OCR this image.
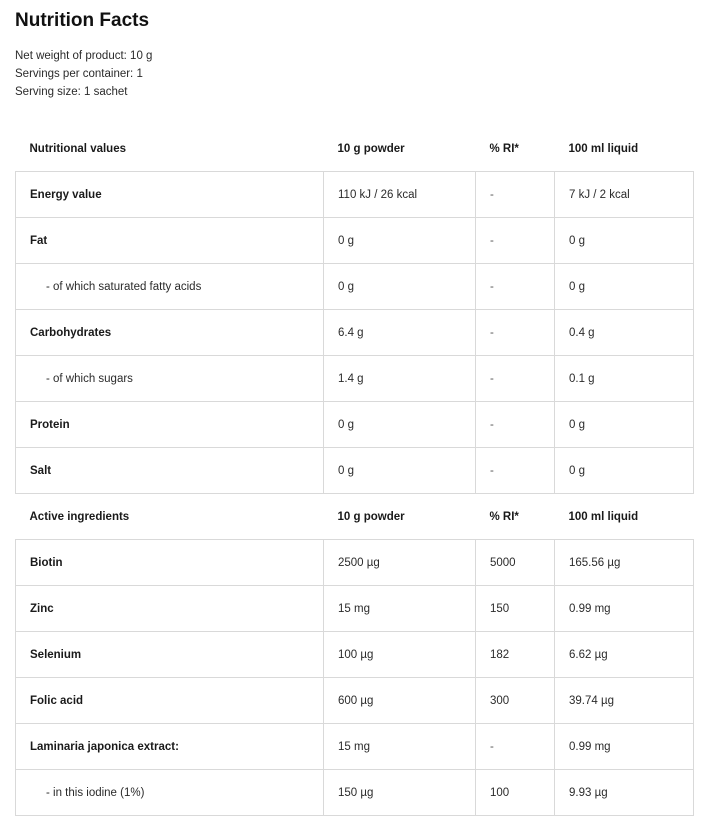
Nutrition Facts
Net weight of product: 10 g
Servings per container: 1
Serving size: 1 sachet
Nutritional values	10 g powder	% RI*	100 ml liquid
Energy value	110 kJ / 26 kcal	-	7 kJ / 2 kcal
Fat	0 g	-	0 g
- of which saturated fatty acids	0 g	-	0 g
Carbohydrates	6.4 g	-	0.4 g
- of which sugars	1.4 g	-	0.1 g
Protein	0 g	-	0 g
Salt	0 g	-	0 g
Active ingredients	10 g powder	% RI*	100 ml liquid
Biotin	2500 µg	5000	165.56 µg
Zinc	15 mg	150	0.99 mg
Selenium	100 µg	182	6.62 µg
Folic acid	600 µg	300	39.74 µg
Laminaria japonica extract:	15 mg	-	0.99 mg
- in this iodine (1%)	150 µg	100	9.93 µg
